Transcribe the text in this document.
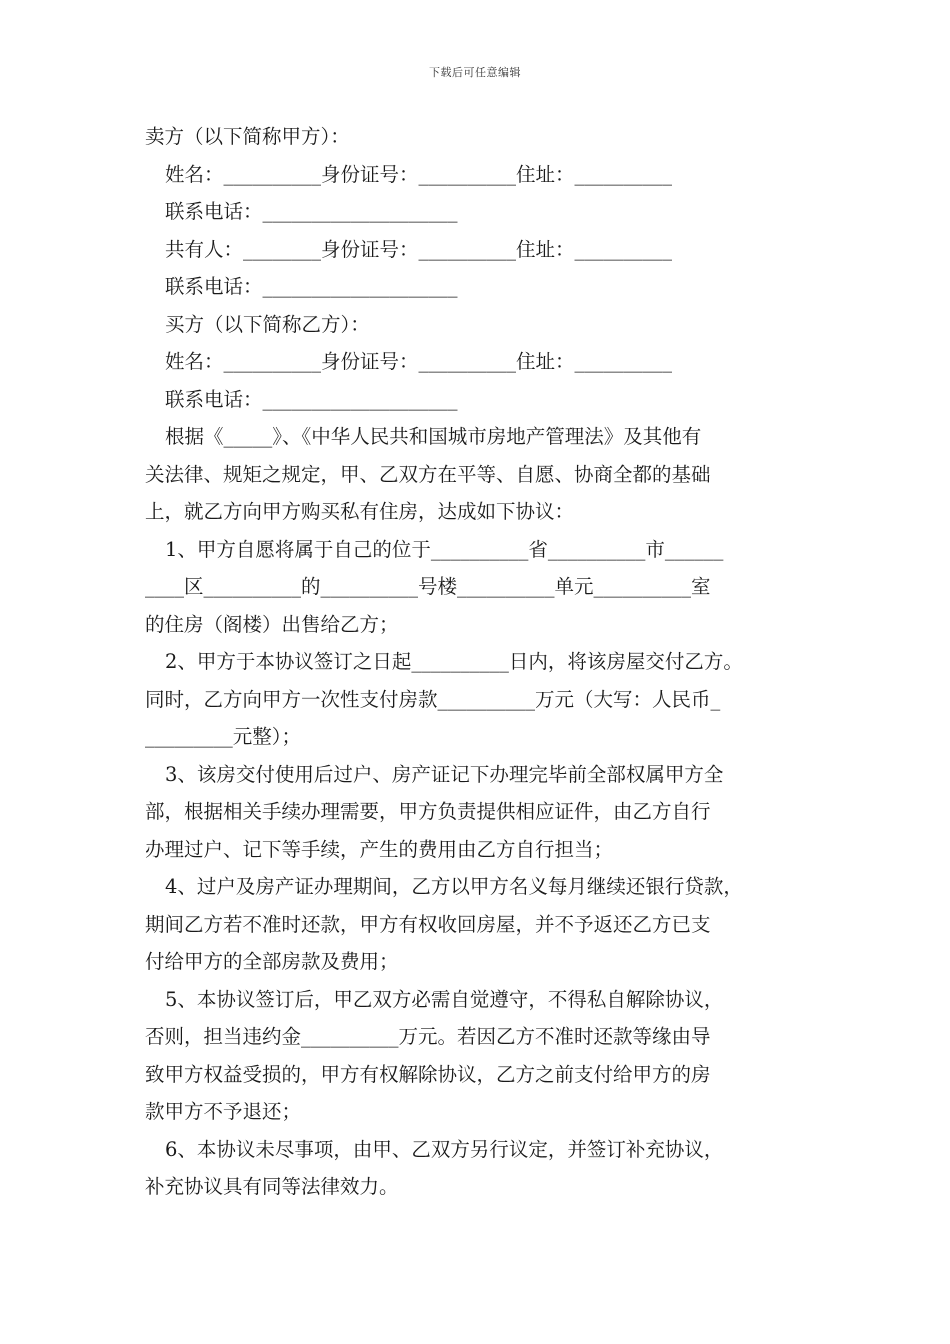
下载后可任意编辑
卖方（以下简称甲方）：
姓名：__________身份证号：__________住址：__________
联系电话：____________________
共有人：________身份证号：__________住址：__________
联系电话：____________________
买方（以下简称乙方）：
姓名：__________身份证号：__________住址：__________
联系电话：____________________
根据《_____》、《中华人民共和国城市房地产管理法》及其他有
关法律、规矩之规定，甲、乙双方在平等、自愿、协商全都的基础
上，就乙方向甲方购买私有住房，达成如下协议：
1、甲方自愿将属于自己的位于__________省__________市______
____区__________的__________号楼__________单元__________室
的住房（阁楼）出售给乙方；
2、甲方于本协议签订之日起__________日内，将该房屋交付乙方。
同时，乙方向甲方一次性支付房款__________万元（大写：人民币_
_________元整）；
3、该房交付使用后过户、房产证记下办理完毕前全部权属甲方全
部，根据相关手续办理需要，甲方负责提供相应证件，由乙方自行
办理过户、记下等手续，产生的费用由乙方自行担当；
4、过户及房产证办理期间，乙方以甲方名义每月继续还银行贷款，
期间乙方若不准时还款，甲方有权收回房屋，并不予返还乙方已支
付给甲方的全部房款及费用；
5、本协议签订后，甲乙双方必需自觉遵守，不得私自解除协议，
否则，担当违约金__________万元。若因乙方不准时还款等缘由导
致甲方权益受损的，甲方有权解除协议，乙方之前支付给甲方的房
款甲方不予退还；
6、本协议未尽事项，由甲、乙双方另行议定，并签订补充协议，
补充协议具有同等法律效力。
